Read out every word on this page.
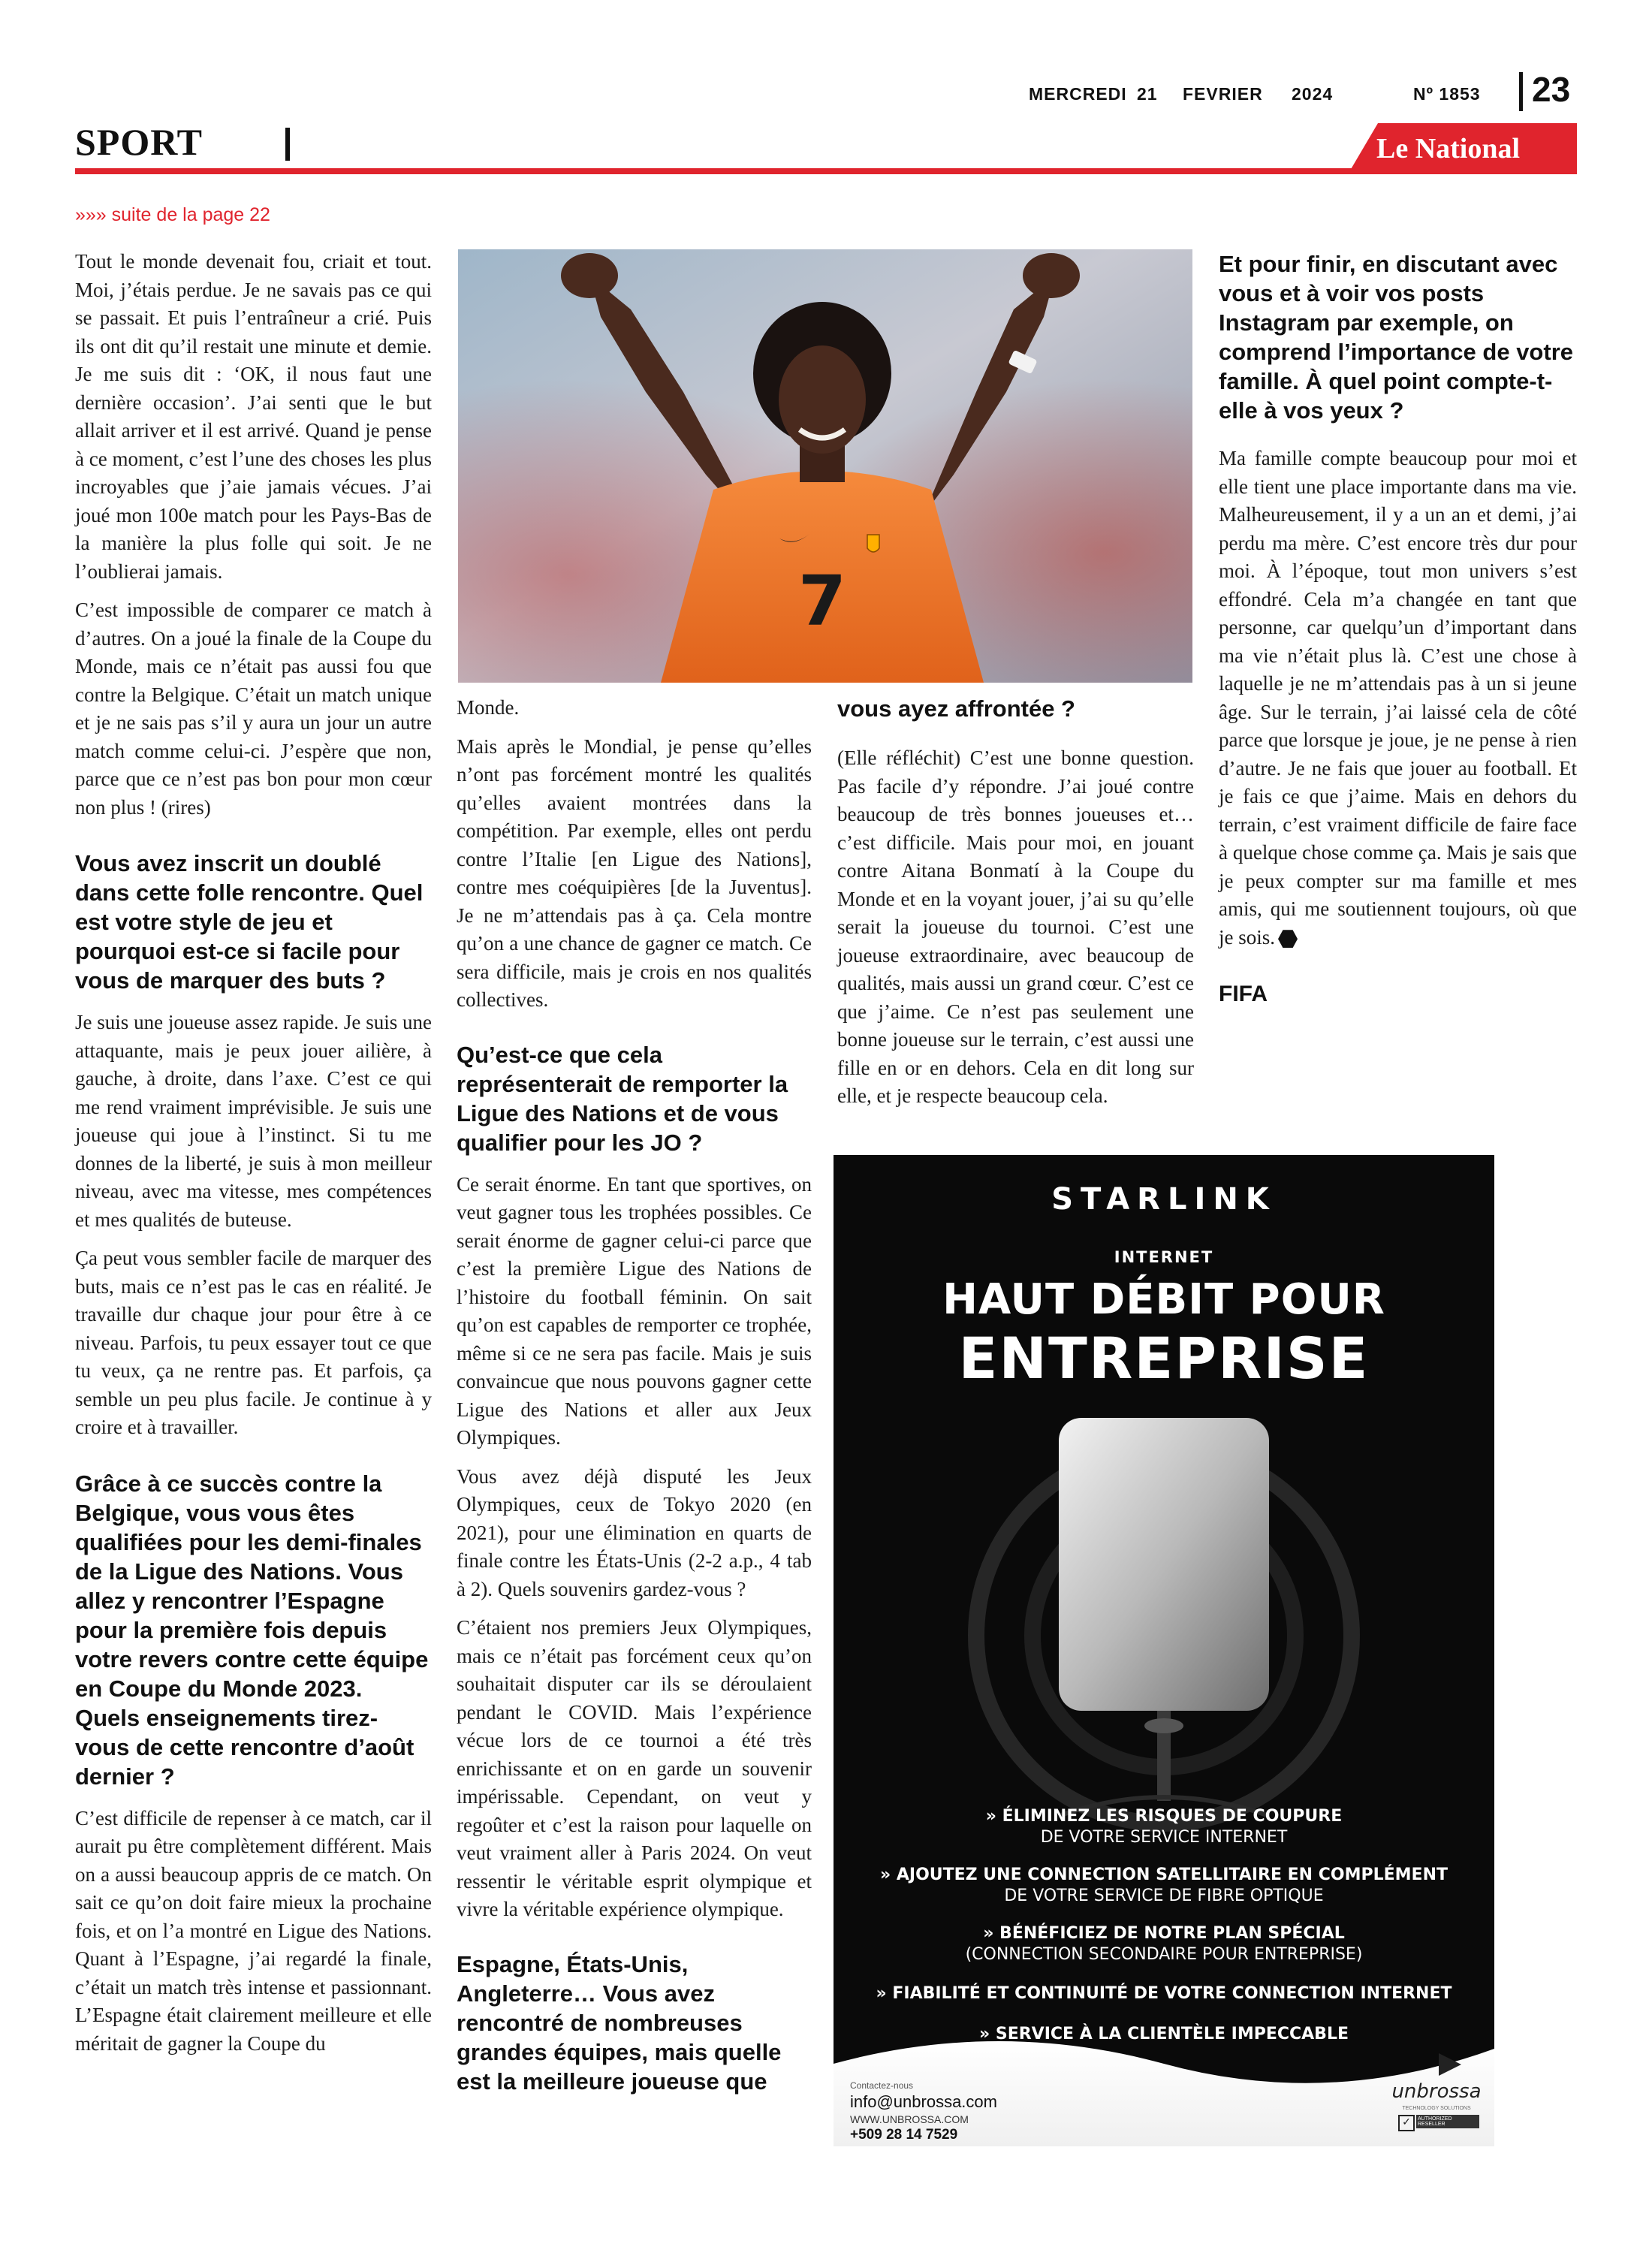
MERCREDI 21 FEVRIER 2024	Nº 1853 23
SPORT	Le National
»»» suite de la page 22

Tout le monde devenait fou, criait et tout. Moi, j’étais perdue. Je ne savais pas ce qui se passait. Et puis l’entraîneur a crié. Puis ils ont dit qu’il restait une minute et demie. Je me suis dit : ‘OK, il nous faut une dernière occasion’. J’ai senti que le but allait arriver et il est arrivé. Quand je pense à ce moment, c’est l’une des choses les plus incroyables que j’aie jamais vécues. J’ai joué mon 100e match pour les Pays-Bas de la manière la plus folle qui soit. Je ne l’oublierai jamais.

C’est impossible de comparer ce match à d’autres. On a joué la finale de la Coupe du Monde, mais ce n’était pas aussi fou que contre la Belgique. C’était un match unique et je ne sais pas s’il y aura un jour un autre match comme celui-ci. J’espère que non, parce que ce n’est pas bon pour mon cœur non plus ! (rires)

Vous avez inscrit un doublé dans cette folle rencontre. Quel est votre style de jeu et pourquoi est-ce si facile pour vous de marquer des buts ?

Je suis une joueuse assez rapide. Je suis une attaquante, mais je peux jouer ailière, à gauche, à droite, dans l’axe. C’est ce qui me rend vraiment imprévisible. Je suis une joueuse qui joue à l’instinct. Si tu me donnes de la liberté, je suis à mon meilleur niveau, avec ma vitesse, mes compétences et mes qualités de buteuse.

Ça peut vous sembler facile de marquer des buts, mais ce n’est pas le cas en réalité. Je travaille dur chaque jour pour être à ce niveau. Parfois, tu peux essayer tout ce que tu veux, ça ne rentre pas. Et parfois, ça semble un peu plus facile. Je continue à y croire et à travailler.

Grâce à ce succès contre la Belgique, vous vous êtes qualifiées pour les demi-finales de la Ligue des Nations. Vous allez y rencontrer l’Espagne pour la première fois depuis votre revers contre cette équipe en Coupe du Monde 2023. Quels enseignements tirez-vous de cette rencontre d’août dernier ?

C’est difficile de repenser à ce match, car il aurait pu être complètement différent. Mais on a aussi beaucoup appris de ce match. On sait ce qu’on doit faire mieux la prochaine fois, et on l’a montré en Ligue des Nations. Quant à l’Espagne, j’ai regardé la finale, c’était un match très intense et passionnant. L’Espagne était clairement meilleure et elle méritait de gagner la Coupe du

7

Monde.

Mais après le Mondial, je pense qu’elles n’ont pas forcément montré les qualités qu’elles avaient montrées dans la compétition. Par exemple, elles ont perdu contre l’Italie [en Ligue des Nations], contre mes coéquipières [de la Juventus]. Je ne m’attendais pas à ça. Cela montre qu’on a une chance de gagner ce match. Ce sera difficile, mais je crois en nos qualités collectives.

Qu’est-ce que cela représenterait de remporter la Ligue des Nations et de vous qualifier pour les JO ?

Ce serait énorme. En tant que sportives, on veut gagner tous les trophées possibles. Ce serait énorme de gagner celui-ci parce que c’est la première Ligue des Nations de l’histoire du football féminin. On sait qu’on est capables de remporter ce trophée, même si ce ne sera pas facile. Mais je suis convaincue que nous pouvons gagner cette Ligue des Nations et aller aux Jeux Olympiques.

Vous avez déjà disputé les Jeux Olympiques, ceux de Tokyo 2020 (en 2021), pour une élimination en quarts de finale contre les États-Unis (2-2 a.p., 4 tab à 2). Quels souvenirs gardez-vous ?

C’étaient nos premiers Jeux Olympiques, mais ce n’était pas forcément ceux qu’on souhaitait disputer car ils se déroulaient pendant le COVID. Mais l’expérience vécue lors de ce tournoi a été très enrichissante et on en garde un souvenir impérissable. Cependant, on veut y regoûter et c’est la raison pour laquelle on veut vraiment aller à Paris 2024. On veut ressentir le véritable esprit olympique et vivre la véritable expérience olympique.

Espagne, États-Unis, Angleterre… Vous avez rencontré de nombreuses grandes équipes, mais quelle est la meilleure joueuse que
vous ayez affrontée ?

(Elle réfléchit) C’est une bonne question. Pas facile d’y répondre. J’ai joué contre beaucoup de très bonnes joueuses et… c’est difficile. Mais pour moi, en jouant contre Aitana Bonmatí à la Coupe du Monde et en la voyant jouer, j’ai su qu’elle serait la joueuse du tournoi. C’est une joueuse extraordinaire, avec beaucoup de qualités, mais aussi un grand cœur. C’est ce que j’aime. Ce n’est pas seulement une bonne joueuse sur le terrain, c’est aussi une fille en or en dehors. Cela en dit long sur elle, et je respecte beaucoup cela.

Et pour finir, en discutant avec vous et à voir vos posts Instagram par exemple, on comprend l’importance de votre famille. À quel point compte-t-elle à vos yeux ?

Ma famille compte beaucoup pour moi et elle tient une place importante dans ma vie. Malheureusement, il y a un an et demi, j’ai perdu ma mère. C’est encore très dur pour moi. À l’époque, tout mon univers s’est effondré. Cela m’a changée en tant que personne, car quelqu’un d’important dans ma vie n’était plus là. C’est une chose à laquelle je ne m’attendais pas à un si jeune âge. Sur le terrain, j’ai laissé cela de côté parce que lorsque je joue, je ne pense à rien d’autre. Je ne fais que jouer au football. Et je fais ce que j’aime. Mais en dehors du terrain, c’est vraiment difficile de faire face à quelque chose comme ça. Mais je sais que je peux compter sur ma famille et mes amis, qui me soutiennent toujours, où que je sois.

FIFA
STARLINK
INTERNET
HAUT DÉBIT POUR
ENTREPRISE
» ÉLIMINEZ LES RISQUES DE COUPURE
DE VOTRE SERVICE INTERNET
» AJOUTEZ UNE CONNECTION SATELLITAIRE EN COMPLÉMENT
DE VOTRE SERVICE DE FIBRE OPTIQUE
» BÉNÉFICIEZ DE NOTRE PLAN SPÉCIAL
(CONNECTION SECONDAIRE POUR ENTREPRISE)
» FIABILITÉ ET CONTINUITÉ DE VOTRE CONNECTION INTERNET
» SERVICE À LA CLIENTÈLE IMPECCABLE
Contactez-nous
info@unbrossa.com
WWW.UNBROSSA.COM
+509 28 14 7529
unbrossa
TECHNOLOGY SOLUTIONS
✓	AUTHORIZED RESELLER
